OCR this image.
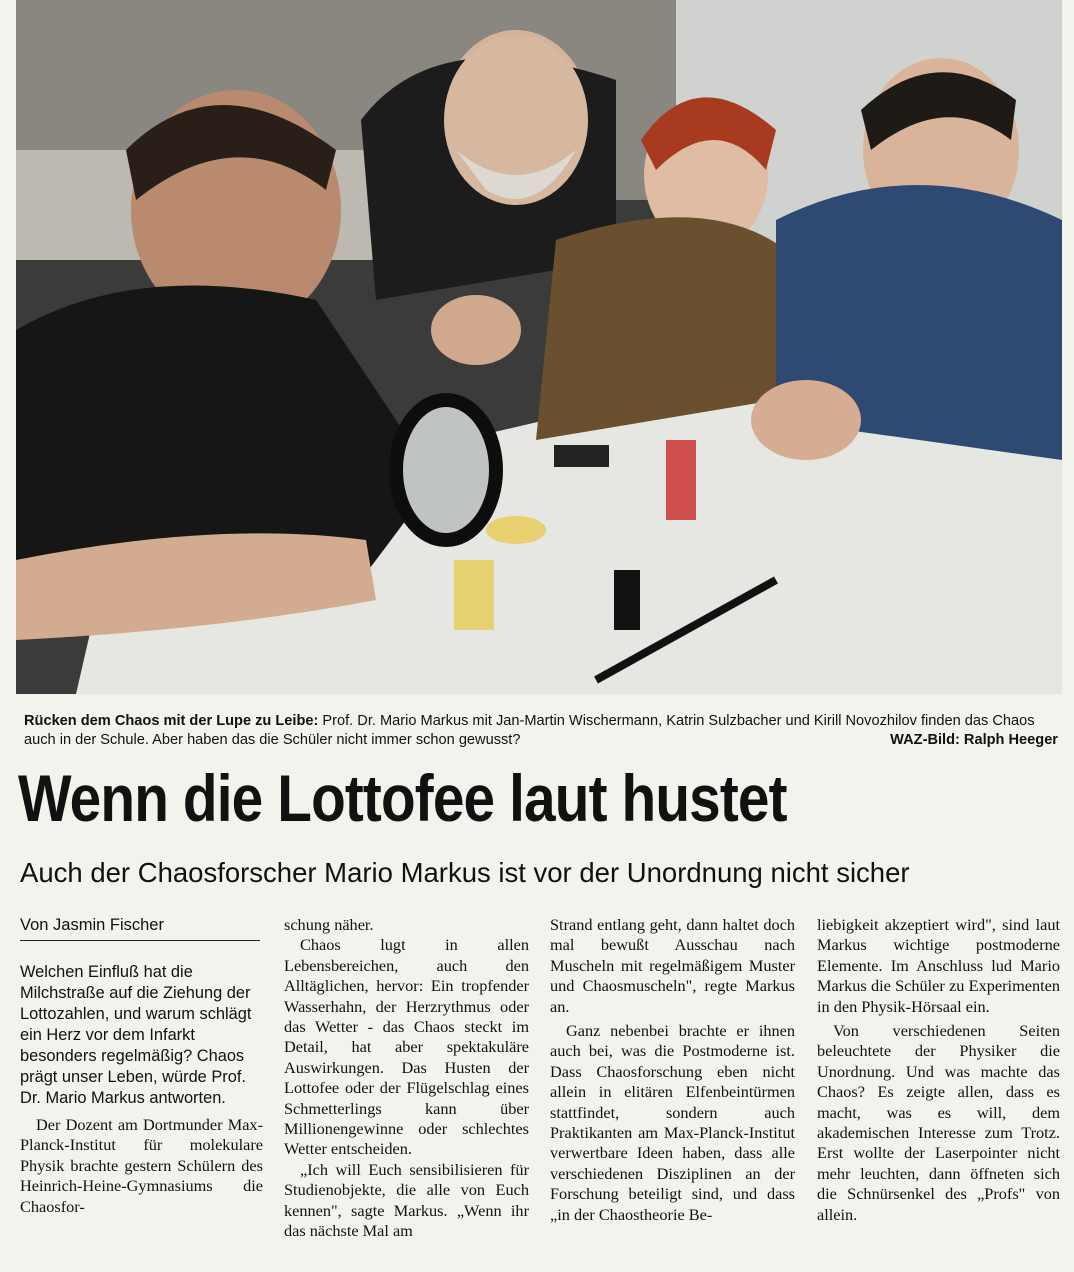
Rücken dem Chaos mit der Lupe zu Leibe: Prof. Dr. Mario Markus mit Jan-Martin Wischermann, Katrin Sulzbacher und Kirill Novozhilov finden das Chaos auch in der Schule. Aber haben das die Schüler nicht immer schon gewusst?	WAZ-Bild: Ralph Heeger
Wenn die Lottofee laut hustet
Auch der Chaosforscher Mario Markus ist vor der Unordnung nicht sicher
Von Jasmin Fischer

Welchen Einfluß hat die Milchstraße auf die Ziehung der Lottozahlen, und warum schlägt ein Herz vor dem Infarkt besonders regelmäßig? Chaos prägt unser Leben, würde Prof. Dr. Mario Markus antworten.

Der Dozent am Dortmunder Max-Planck-Institut für molekulare Physik brachte gestern Schülern des Heinrich-Heine-Gymnasiums die Chaosfor-

schung näher.

Chaos lugt in allen Lebensbereichen, auch den Alltäglichen, hervor: Ein tropfender Wasserhahn, der Herzrythmus oder das Wetter - das Chaos steckt im Detail, hat aber spektakuläre Auswirkungen. Das Husten der Lottofee oder der Flügelschlag eines Schmetterlings kann über Millionengewinne oder schlechtes Wetter entscheiden.

„Ich will Euch sensibilisieren für Studienobjekte, die alle von Euch kennen", sagte Markus. „Wenn ihr das nächste Mal am

Strand entlang geht, dann haltet doch mal bewußt Ausschau nach Muscheln mit regelmäßigem Muster und Chaosmuscheln", regte Markus an.

Ganz nebenbei brachte er ihnen auch bei, was die Postmoderne ist. Dass Chaosforschung eben nicht allein in elitären Elfenbeintürmen stattfindet, sondern auch Praktikanten am Max-Planck-Institut verwertbare Ideen haben, dass alle verschiedenen Disziplinen an der Forschung beteiligt sind, und dass „in der Chaostheorie Be-

liebigkeit akzeptiert wird", sind laut Markus wichtige postmoderne Elemente. Im Anschluss lud Mario Markus die Schüler zu Experimenten in den Physik-Hörsaal ein.

Von verschiedenen Seiten beleuchtete der Physiker die Unordnung. Und was machte das Chaos? Es zeigte allen, dass es macht, was es will, dem akademischen Interesse zum Trotz. Erst wollte der Laserpointer nicht mehr leuchten, dann öffneten sich die Schnürsenkel des „Profs" von allein.
